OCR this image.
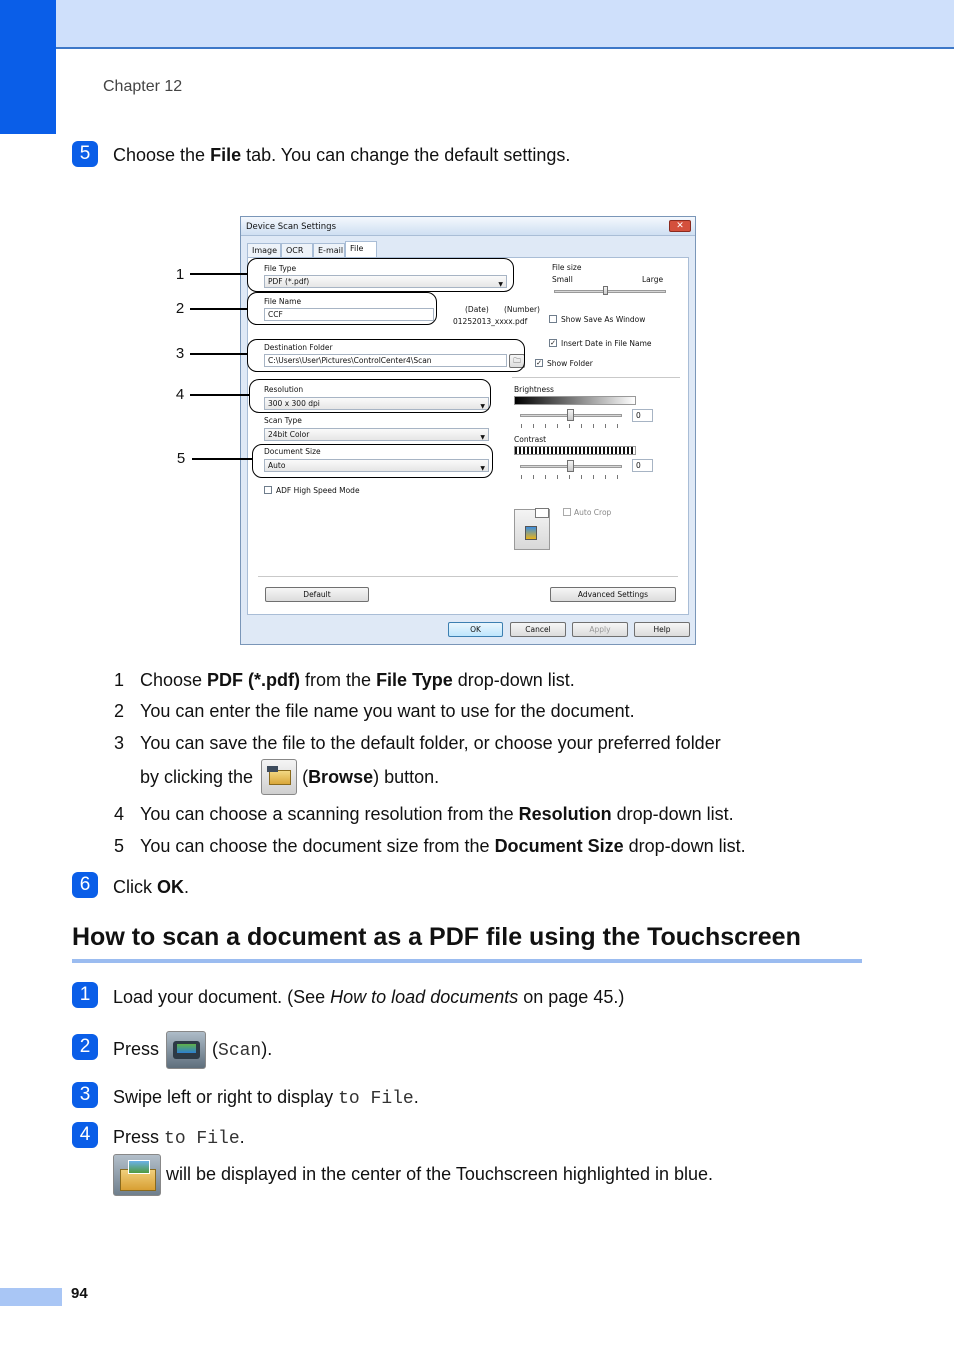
Chapter 12
5	Choose the File tab. You can change the default settings.
Device Scan Settings	✕
Image	OCR	E-mail File
File Type
PDF (*.pdf)	▼
File Name
CCF
Destination Folder
C:\Users\User\Pictures\ControlCenter4\Scan	🗀
Resolution
300 x 300 dpi	▼
Scan Type
24bit Color	▼
Document Size
Auto	▼
ADF High Speed Mode
File size
Small	Large
(Date) (Number)
01252013_xxxx.pdf	Show Save As Window
✓ Insert Date in File Name
✓ Show Folder
Brightness
0
Contrast
0
Auto Crop
Default	Advanced Settings
OK	Cancel	Apply	Help
1
2
3
4
5
1 Choose PDF (*.pdf) from the File Type drop-down list.
2 You can enter the file name you want to use for the document.
3 You can save the file to the default folder, or choose your preferred folder
by clicking the (Browse) button.
4 You can choose a scanning resolution from the Resolution drop-down list.
5 You can choose the document size from the Document Size drop-down list.
6	Click OK.
How to scan a document as a PDF file using the Touchscreen
1	Load your document. (See How to load documents on page 45.)
2	Press	(Scan).
3	Swipe left or right to display to File.
4	Press to File.
will be displayed in the center of the Touchscreen highlighted in blue.
94
